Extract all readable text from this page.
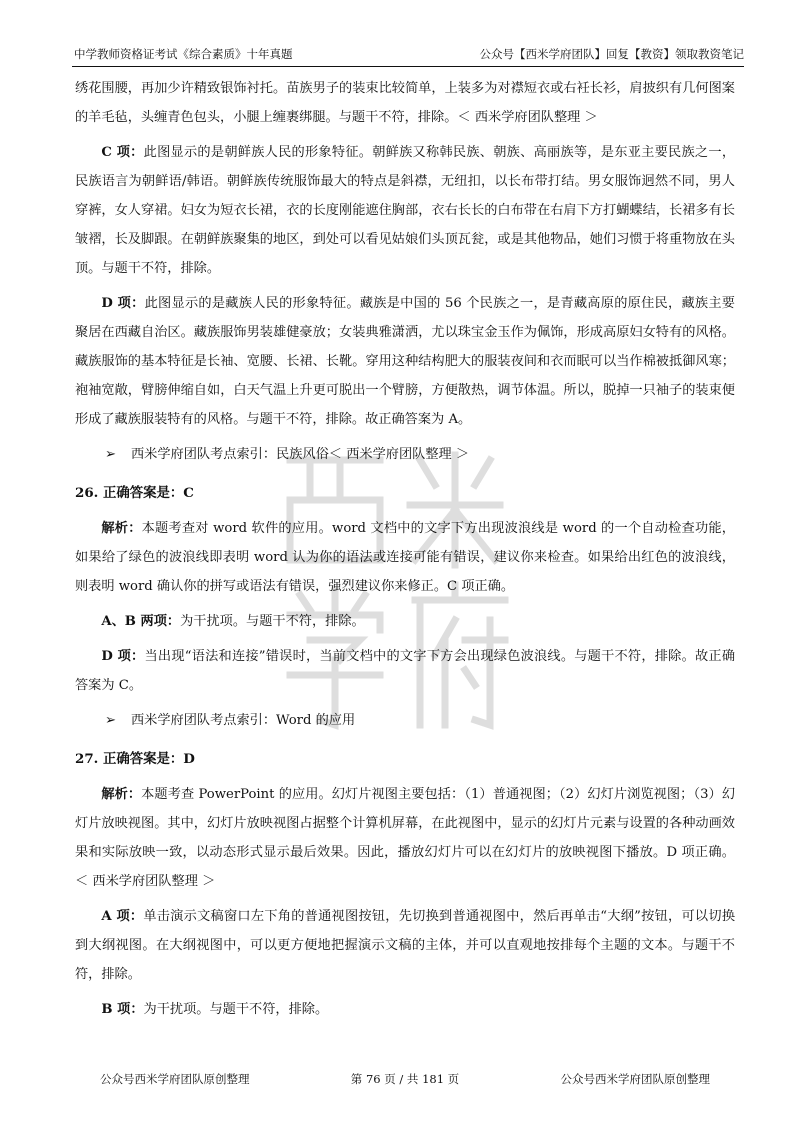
中学教师资格证考试《综合素质》十年真题	公众号【西米学府团队】回复【教资】领取教资笔记

绣花围腰，再加少许精致银饰衬托。苗族男子的装束比较简单，上装多为对襟短衣或右衽长衫，肩披织有几何图案的羊毛毡，头缠青色包头，小腿上缠裹绑腿。与题干不符，排除。＜ 西米学府团队整理 ＞

C 项：此图显示的是朝鲜族人民的形象特征。朝鲜族又称韩民族、朝族、高丽族等，是东亚主要民族之一，民族语言为朝鲜语/韩语。朝鲜族传统服饰最大的特点是斜襟，无纽扣，以长布带打结。男女服饰迥然不同，男人穿裤，女人穿裙。妇女为短衣长裙，衣的长度刚能遮住胸部，衣右长长的白布带在右肩下方打蝴蝶结，长裙多有长皱褶，长及脚跟。在朝鲜族聚集的地区，到处可以看见姑娘们头顶瓦瓮，或是其他物品，她们习惯于将重物放在头顶。与题干不符，排除。

D 项：此图显示的是藏族人民的形象特征。藏族是中国的 56 个民族之一，是青藏高原的原住民，藏族主要聚居在西藏自治区。藏族服饰男装雄健豪放；女装典雅潇洒，尤以珠宝金玉作为佩饰，形成高原妇女特有的风格。藏族服饰的基本特征是长袖、宽腰、长裙、长靴。穿用这种结构肥大的服装夜间和衣而眠可以当作棉被抵御风寒；袍袖宽敞，臂膀伸缩自如，白天气温上升更可脱出一个臂膀，方便散热，调节体温。所以，脱掉一只袖子的装束便形成了藏族服装特有的风格。与题干不符，排除。故正确答案为 A。

➢ 西米学府团队考点索引：民族风俗＜ 西米学府团队整理 ＞
26. 正确答案是：C

解析：本题考查对 word 软件的应用。word 文档中的文字下方出现波浪线是 word 的一个自动检查功能，如果给了绿色的波浪线即表明 word 认为你的语法或连接可能有错误，建议你来检查。如果给出红色的波浪线，则表明 word 确认你的拼写或语法有错误，强烈建议你来修正。C 项正确。

A、B 两项：为干扰项。与题干不符，排除。

D 项：当出现“语法和连接”错误时，当前文档中的文字下方会出现绿色波浪线。与题干不符，排除。故正确答案为 C。

➢ 西米学府团队考点索引：Word 的应用
27. 正确答案是：D

解析：本题考查 PowerPoint 的应用。幻灯片视图主要包括：（1）普通视图；（2）幻灯片浏览视图；（3）幻灯片放映视图。其中，幻灯片放映视图占据整个计算机屏幕，在此视图中，显示的幻灯片元素与设置的各种动画效果和实际放映一致，以动态形式显示最后效果。因此，播放幻灯片可以在幻灯片的放映视图下播放。D 项正确。＜ 西米学府团队整理 ＞

A 项：单击演示文稿窗口左下角的普通视图按钮，先切换到普通视图中，然后再单击“大纲”按钮，可以切换到大纲视图。在大纲视图中，可以更方便地把握演示文稿的主体，并可以直观地按排每个主题的文本。与题干不符，排除。

B 项：为干扰项。与题干不符，排除。

公众号西米学府团队原创整理	第 76 页 / 共 181 页	公众号西米学府团队原创整理
